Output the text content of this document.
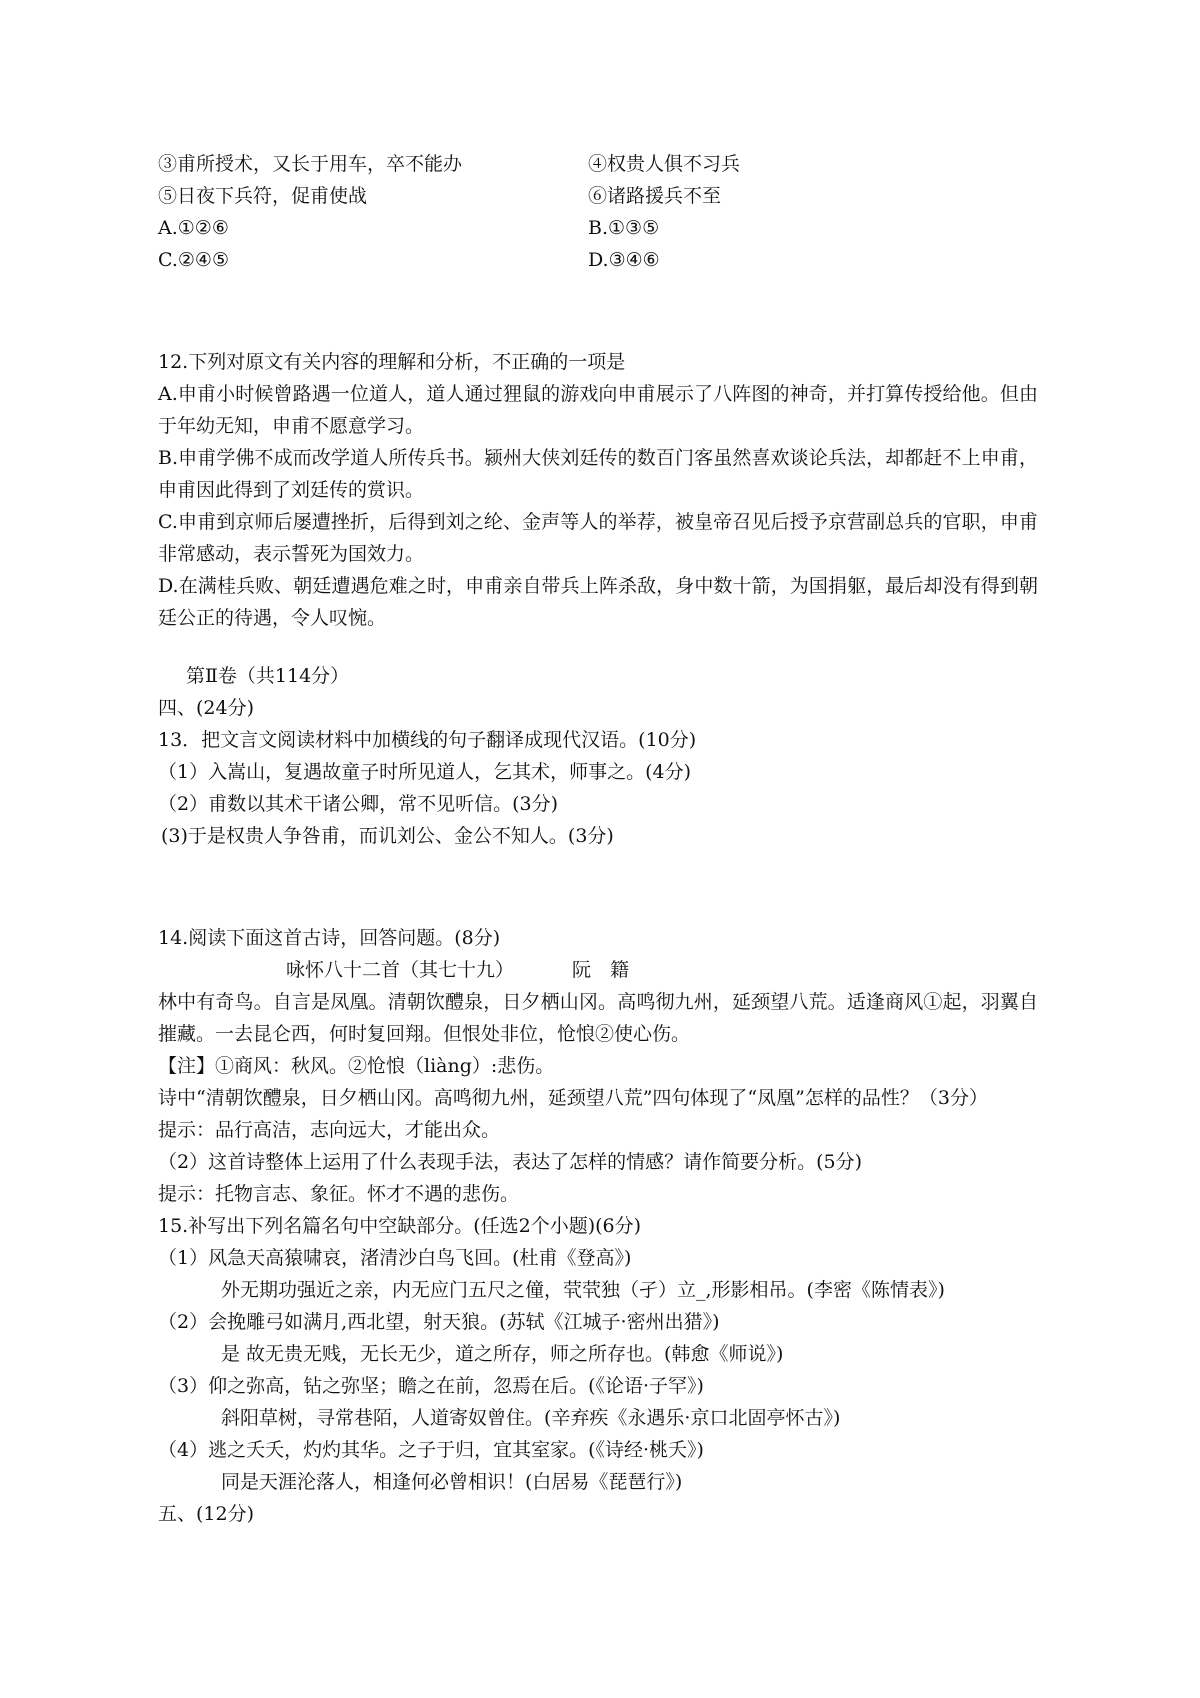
③甫所授术，又长于用车，卒不能办	④权贵人俱不习兵
⑤日夜下兵符，促甫使战	⑥诸路援兵不至
A.①②⑥	B.①③⑤
C.②④⑤	D.③④⑥
12.下列对原文有关内容的理解和分析，不正确的一项是
A.申甫小时候曾路遇一位道人，道人通过狸鼠的游戏向申甫展示了八阵图的神奇，并打算传授给他。但由于年幼无知，申甫不愿意学习。
B.申甫学佛不成而改学道人所传兵书。颍州大侠刘廷传的数百门客虽然喜欢谈论兵法，却都赶不上申甫，申甫因此得到了刘廷传的赏识。
C.申甫到京师后屡遭挫折，后得到刘之纶、金声等人的举荐，被皇帝召见后授予京营副总兵的官职，申甫非常感动，表示誓死为国效力。
D.在满桂兵败、朝廷遭遇危难之时，申甫亲自带兵上阵杀敌，身中数十箭，为国捐躯，最后却没有得到朝廷公正的待遇，令人叹惋。
第Ⅱ卷（共114分）
四、(24分)
13．把文言文阅读材料中加横线的句子翻译成现代汉语。(10分)
（1）入嵩山，复遇故童子时所见道人，乞其术，师事之。(4分)
（2）甫数以其术干诸公卿，常不见听信。(3分)
(3)于是权贵人争咎甫，而讥刘公、金公不知人。(3分)
14.阅读下面这首古诗，回答问题。(8分)
咏怀八十二首（其七十九）	阮　籍
林中有奇鸟。自言是凤凰。清朝饮醴泉，日夕栖山冈。高鸣彻九州，延颈望八荒。适逢商风①起，羽翼自摧藏。一去昆仑西，何时复回翔。但恨处非位，怆悢②使心伤。
【注】①商风：秋风。②怆悢（liàng）:悲伤。
诗中“清朝饮醴泉，日夕栖山冈。高鸣彻九州，延颈望八荒”四句体现了“凤凰”怎样的品性？（3分）
提示：品行高洁，志向远大，才能出众。
（2）这首诗整体上运用了什么表现手法，表达了怎样的情感？请作简要分析。(5分)
提示：托物言志、象征。怀才不遇的悲伤。
15.补写出下列名篇名句中空缺部分。(任选2个小题)(6分)
（1）风急天高猿啸哀，渚清沙白鸟飞回。(杜甫《登高》)
外无期功强近之亲，内无应门五尺之僮，茕茕独（孑）立_,形影相吊。(李密《陈情表》)
（2）会挽雕弓如满月,西北望，射天狼。(苏轼《江城子·密州出猎》)
是 故无贵无贱，无长无少，道之所存，师之所存也。(韩愈《师说》)
（3）仰之弥高，钻之弥坚；瞻之在前，忽焉在后。(《论语·子罕》)
斜阳草树，寻常巷陌，人道寄奴曾住。(辛弃疾《永遇乐·京口北固亭怀古》)
（4）逃之夭夭，灼灼其华。之子于归，宜其室家。(《诗经·桃夭》)
同是天涯沦落人，相逢何必曾相识！(白居易《琵琶行》)
五、(12分)
